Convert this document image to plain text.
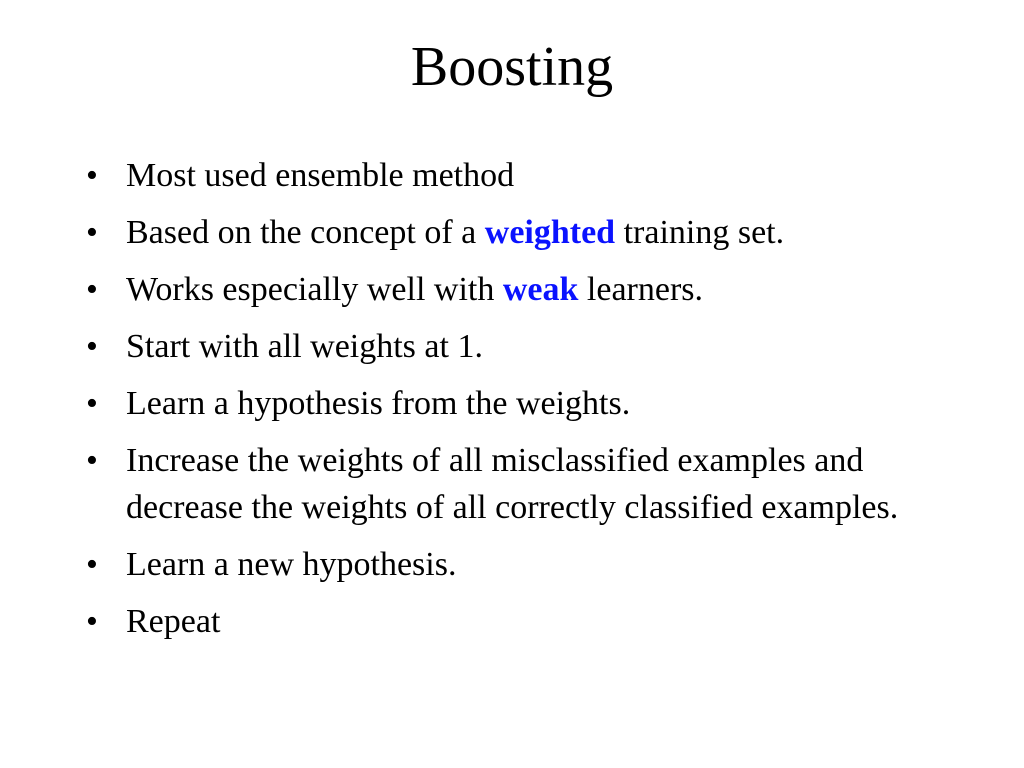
Boosting
• Most used ensemble method
• Based on the concept of a weighted training set.
• Works especially well with weak learners.
• Start with all weights at 1.
• Learn a hypothesis from the weights.
• Increase the weights of all misclassified examples and decrease the weights of all correctly classified examples.
• Learn a new hypothesis.
• Repeat
